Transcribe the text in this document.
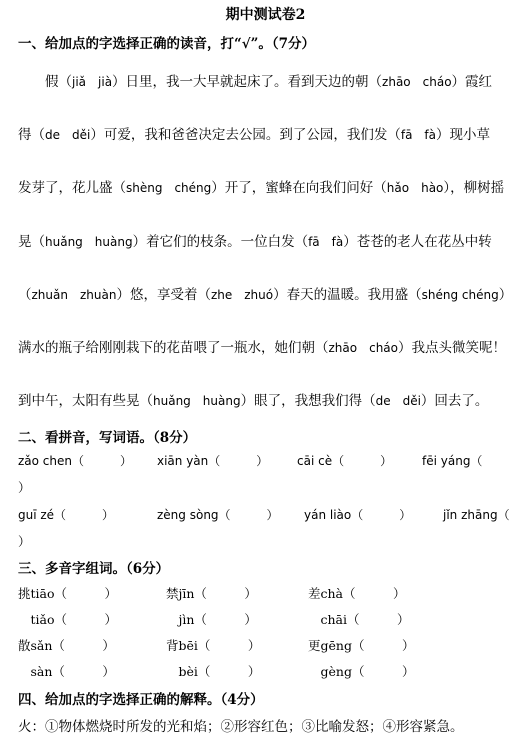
期中测试卷2
一、给加点的字选择正确的读音，打“√”。（7分）
　　假（jiǎ　jià）日里，我一大早就起床了。看到天边的朝（zhāo　cháo）霞红
得（de　děi）可爱，我和爸爸决定去公园。到了公园，我们发（fā　fà）现小草
发芽了，花儿盛（shèng　chéng）开了，蜜蜂在向我们问好（hǎo　hào），柳树摇
晃（huǎng　huàng）着它们的枝条。一位白发（fā　fà）苍苍的老人在花丛中转
（zhuǎn　zhuàn）悠，享受着（zhe　zhuó）春天的温暖。我用盛（shéng chéng）
满水的瓶子给刚刚栽下的花苗喂了一瓶水，她们朝（zhāo　cháo）我点头微笑呢！
到中午，太阳有些晃（huǎng　huàng）眼了，我想我们得（de　děi）回去了。
二、看拼音，写词语。（8分）
zǎo chen（　　　） xiān yàn（　　　） cāi cè（　　　） fēi yáng（
）
guī zé（　　　）	zèng sòng（　　　） yán liào（　　　）	jǐn zhāng（
）
三、多音字组词。（6分）
挑tiāo（　　　）	禁jīn（　　　）	差chà（　　　）
　tiǎo（　　　）	　jìn（　　　）	　chāi（　　　）
散sǎn（　　　）	背bēi（　　　）	更gēng（　　　）
　sàn（　　　）	　bèi（　　　）	　gèng（　　　）
四、给加点的字选择正确的解释。（4分）
火：①物体燃烧时所发的光和焰；②形容红色；③比喻发怒；④形容紧急。
